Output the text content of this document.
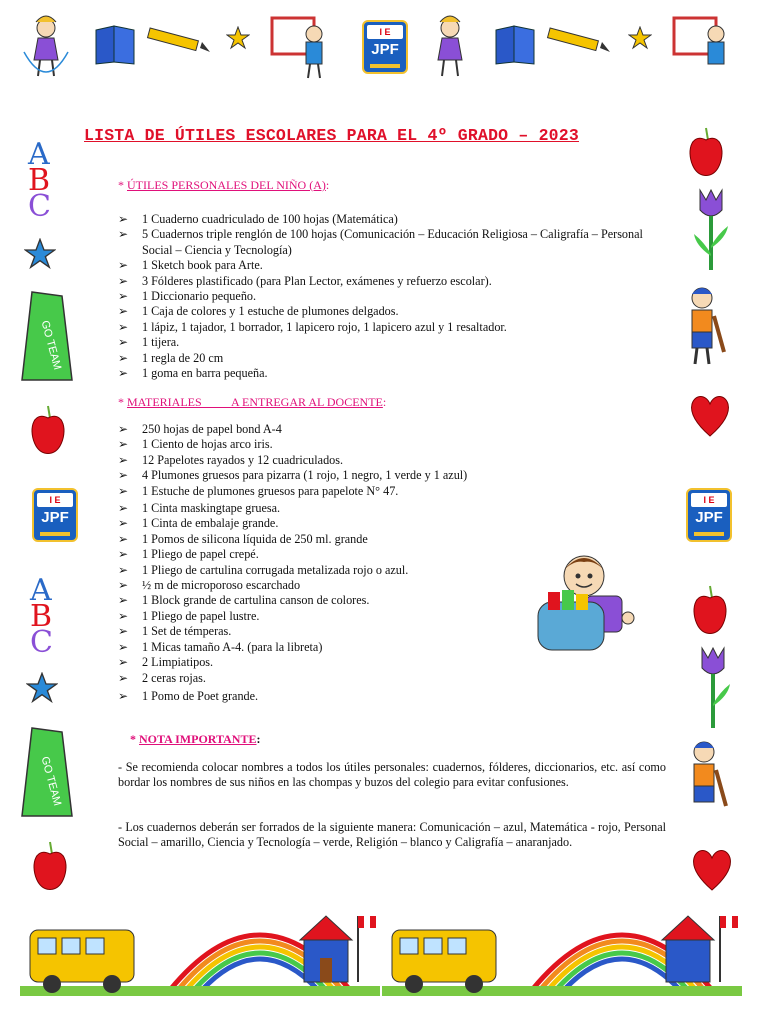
I E
JPF
A
B
C
GO TEAM
I E
JPF
A
B
C
GO TEAM
I E
JPF
LISTA DE ÚTILES ESCOLARES PARA EL 4º GRADO – 2023
* ÚTILES PERSONALES DEL NIÑO (A):
➢ 1 Cuaderno cuadriculado de 100 hojas (Matemática)
➢ 5 Cuadernos triple renglón de 100 hojas (Comunicación – Educación Religiosa – Caligrafía – Personal Social – Ciencia y Tecnología)
➢ 1 Sketch book para Arte.
➢ 3 Fólderes plastificado (para Plan Lector, exámenes y refuerzo escolar).
➢ 1 Diccionario pequeño.
➢ 1 Caja de colores y 1 estuche de plumones delgados.
➢ 1 lápiz, 1 tajador, 1 borrador, 1 lapicero rojo, 1 lapicero azul y 1 resaltador.
➢ 1 tijera.
➢ 1 regla de 20 cm
➢ 1 goma en barra pequeña.
* MATERIALES          A ENTREGAR AL DOCENTE:
➢ 250 hojas de papel bond A-4
➢ 1 Ciento de hojas arco iris.
➢ 12 Papelotes rayados y 12 cuadriculados.
➢ 4 Plumones gruesos para pizarra (1 rojo, 1 negro, 1 verde y 1 azul)
➢ 1 Estuche de plumones gruesos para papelote N° 47.
➢ 1 Cinta maskingtape gruesa.
➢ 1 Cinta de embalaje grande.
➢ 1 Pomos de silicona líquida de 250 ml. grande
➢ 1 Pliego de papel crepé.
➢ 1 Pliego de cartulina corrugada metalizada rojo o azul.
➢ ½ m de microporoso escarchado
➢ 1 Block grande de cartulina canson de colores.
➢ 1 Pliego de papel lustre.
➢ 1 Set de témperas.
➢ 1 Micas tamaño A-4. (para la libreta)
➢ 2 Limpiatipos.
➢ 2 ceras rojas.
➢ 1 Pomo de Poet grande.
* NOTA IMPORTANTE:
- Se recomienda colocar nombres a todos los útiles personales: cuadernos, fólderes, diccionarios, etc. así como bordar los nombres de sus niños en las chompas y buzos del colegio para evitar confusiones.
- Los cuadernos deberán ser forrados de la siguiente manera: Comunicación – azul, Matemática - rojo, Personal Social – amarillo, Ciencia y Tecnología – verde, Religión – blanco y Caligrafía – anaranjado.
